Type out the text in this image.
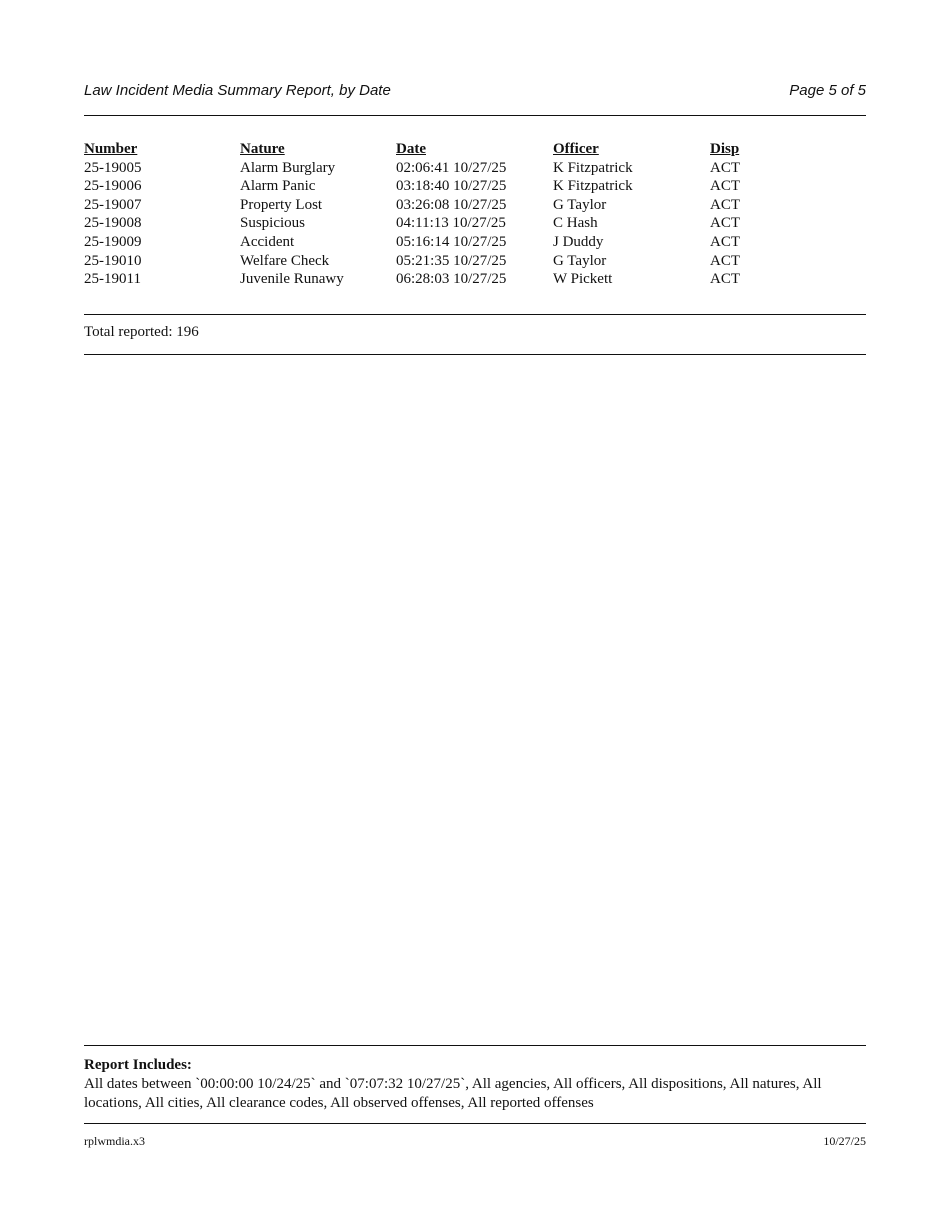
Law Incident Media Summary Report, by Date	Page 5 of 5
Number	Nature	Date	Officer	Disp
25-19005	Alarm Burglary	02:06:41 10/27/25	K Fitzpatrick	ACT
25-19006	Alarm Panic	03:18:40 10/27/25	K Fitzpatrick	ACT
25-19007	Property Lost	03:26:08 10/27/25	G Taylor	ACT
25-19008	Suspicious	04:11:13 10/27/25	C Hash	ACT
25-19009	Accident	05:16:14 10/27/25	J Duddy	ACT
25-19010	Welfare Check	05:21:35 10/27/25	G Taylor	ACT
25-19011	Juvenile Runawy	06:28:03 10/27/25	W Pickett	ACT
Total reported: 196
Report Includes:
All dates between `00:00:00 10/24/25` and `07:07:32 10/27/25`, All agencies, All officers, All dispositions, All natures, All locations, All cities, All clearance codes, All observed offenses, All reported offenses
rplwmdia.x3	10/27/25
